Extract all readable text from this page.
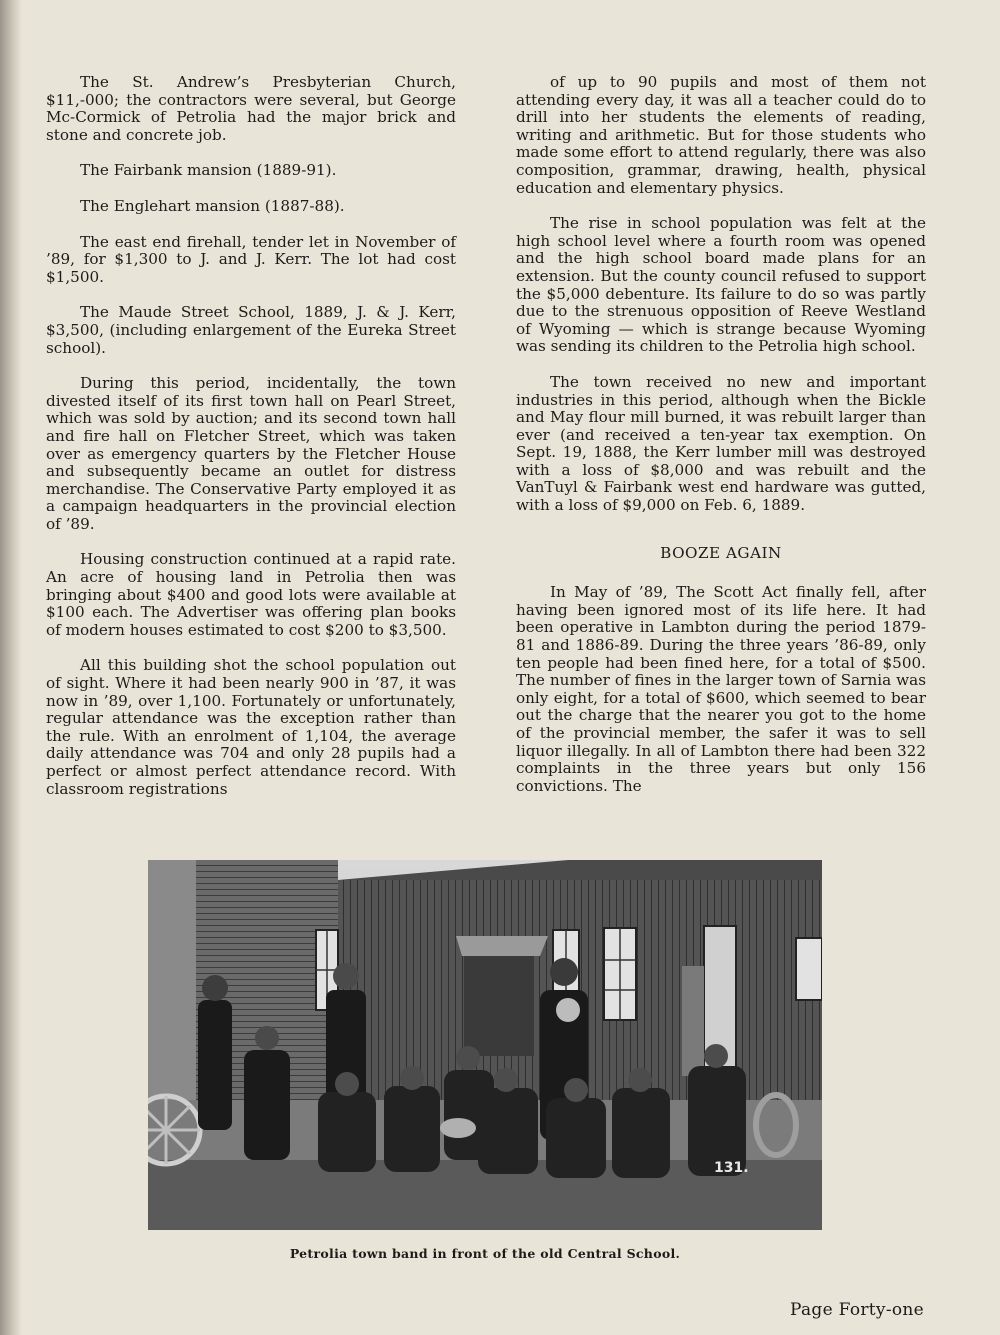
The St. Andrew’s Presbyterian Church, $11,-000; the contractors were several, but George Mc-Cormick of Petrolia had the major brick and stone and concrete job.

The Fairbank mansion (1889-91).

The Englehart mansion (1887-88).

The east end firehall, tender let in November of ’89, for $1,300 to J. and J. Kerr. The lot had cost $1,500.

The Maude Street School, 1889, J. & J. Kerr, $3,500, (including enlargement of the Eureka Street school).

During this period, incidentally, the town divested itself of its first town hall on Pearl Street, which was sold by auction; and its second town hall and fire hall on Fletcher Street, which was taken over as emergency quarters by the Fletcher House and subsequently became an outlet for distress merchandise. The Conservative Party employed it as a campaign headquarters in the provincial election of ’89.

Housing construction continued at a rapid rate. An acre of housing land in Petrolia then was bringing about $400 and good lots were available at $100 each. The Advertiser was offering plan books of modern houses estimated to cost $200 to $3,500.

All this building shot the school population out of sight. Where it had been nearly 900 in ’87, it was now in ’89, over 1,100. Fortunately or unfortunately, regular attendance was the exception rather than the rule. With an enrolment of 1,104, the average daily attendance was 704 and only 28 pupils had a perfect or almost perfect attendance record. With classroom registrations

of up to 90 pupils and most of them not attending every day, it was all a teacher could do to drill into her students the elements of reading, writing and arithmetic. But for those students who made some effort to attend regularly, there was also composition, grammar, drawing, health, physical education and elementary physics.

The rise in school population was felt at the high school level where a fourth room was opened and the high school board made plans for an extension. But the county council refused to support the $5,000 debenture. Its failure to do so was partly due to the strenuous opposition of Reeve Westland of Wyoming — which is strange because Wyoming was sending its children to the Petrolia high school.

The town received no new and important industries in this period, although when the Bickle and May flour mill burned, it was rebuilt larger than ever (and received a ten-year tax exemption. On Sept. 19, 1888, the Kerr lumber mill was destroyed with a loss of $8,000 and was rebuilt and the VanTuyl & Fairbank west end hardware was gutted, with a loss of $9,000 on Feb. 6, 1889.

BOOZE AGAIN

In May of ’89, The Scott Act finally fell, after having been ignored most of its life here. It had been operative in Lambton during the period 1879-81 and 1886-89. During the three years ’86-89, only ten people had been fined here, for a total of $500. The number of fines in the larger town of Sarnia was only eight, for a total of $600, which seemed to bear out the charge that the nearer you got to the home of the provincial member, the safer it was to sell liquor illegally. In all of Lambton there had been 322 complaints in the three years but only 156 convictions. The

131.
Petrolia town band in front of the old Central School.
Page Forty-one
